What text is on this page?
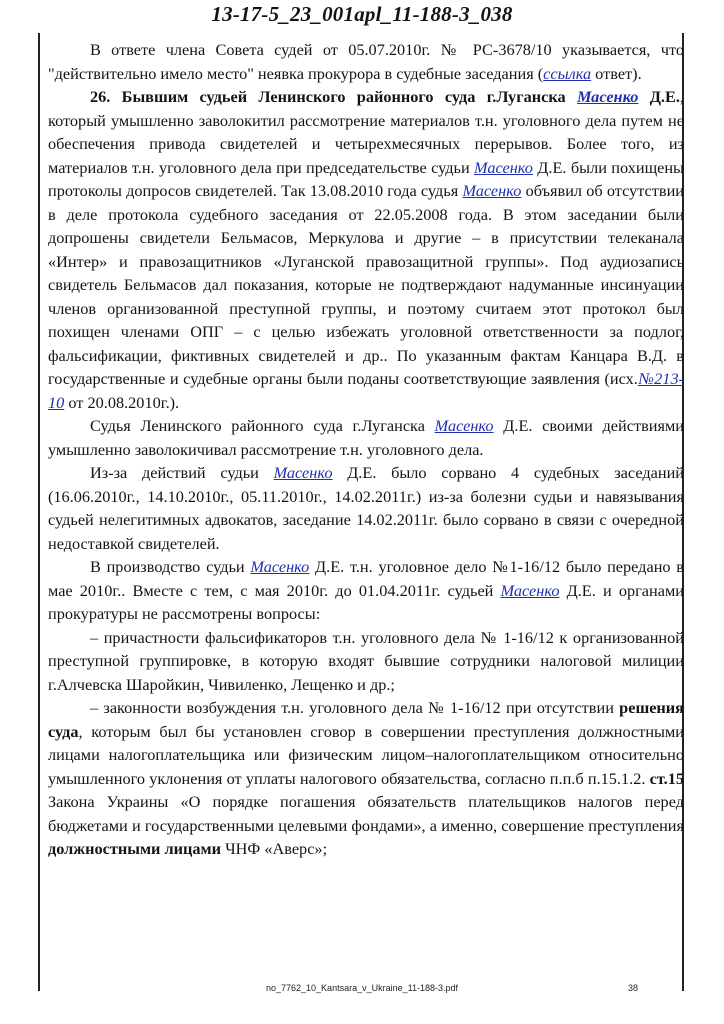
13-17-5_23_001apl_11-188-3_038

В ответе члена Совета судей от 05.07.2010г. № РС-3678/10 указывается, что "действительно имело место" неявка прокурора в судебные заседания (ссылка ответ).

26. Бывшим судьей Ленинского районного суда г.Луганска Масенко Д.Е., который умышленно заволокитил рассмотрение материалов т.н. уголовного дела путем не обеспечения привода свидетелей и четырехмесячных перерывов. Более того, из материалов т.н. уголовного дела при председательстве судьи Масенко Д.Е. были похищены протоколы допросов свидетелей. Так 13.08.2010 года судья Масенко объявил об отсутствии в деле протокола судебного заседания от 22.05.2008 года. В этом заседании были допрошены свидетели Бельмасов, Меркулова и другие – в присутствии телеканала «Интер» и правозащитников «Луганской правозащитной группы». Под аудиозапись свидетель Бельмасов дал показания, которые не подтверждают надуманные инсинуации членов организованной преступной группы, и поэтому считаем этот протокол был похищен членами ОПГ – с целью избежать уголовной ответственности за подлог, фальсификации, фиктивных свидетелей и др.. По указанным фактам Канцара В.Д. в государственные и судебные органы были поданы соответствующие заявления (исх.№213-10 от 20.08.2010г.).

Судья Ленинского районного суда г.Луганска Масенко Д.Е. своими действиями умышленно заволокичивал рассмотрение т.н. уголовного дела.

Из-за действий судьи Масенко Д.Е. было сорвано 4 судебных заседаний (16.06.2010г., 14.10.2010г., 05.11.2010г., 14.02.2011г.) из-за болезни судьи и навязывания судьей нелегитимных адвокатов, заседание 14.02.2011г. было сорвано в связи с очередной недоставкой свидетелей.

В производство судьи Масенко Д.Е. т.н. уголовное дело №1-16/12 было передано в мае 2010г.. Вместе с тем, с мая 2010г. до 01.04.2011г. судьей Масенко Д.Е. и органами прокуратуры не рассмотрены вопросы:

– причастности фальсификаторов т.н. уголовного дела № 1-16/12 к организованной преступной группировке, в которую входят бывшие сотрудники налоговой милиции г.Алчевска Шаройкин, Чивиленко, Лещенко и др.;

– законности возбуждения т.н. уголовного дела № 1-16/12 при отсутствии решения суда, которым был бы установлен сговор в совершении преступления должностными лицами налогоплательщика или физическим лицом–налогоплательщиком относительно умышленного уклонения от уплаты налогового обязательства, согласно п.п.б п.15.1.2. ст.15 Закона Украины «О порядке погашения обязательств плательщиков налогов перед бюджетами и государственными целевыми фондами», а именно, совершение преступления должностными лицами ЧНФ «Аверс»;

no_7762_10_Kantsara_v_Ukraine_11-188-3.pdf	38
